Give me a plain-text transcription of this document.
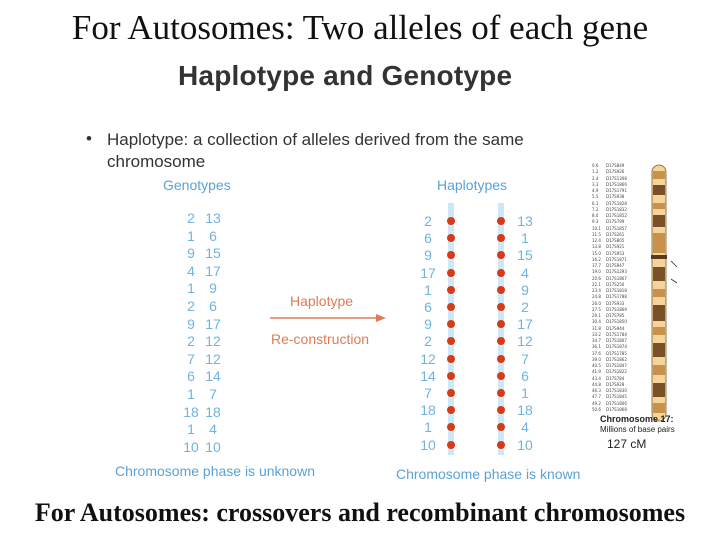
For Autosomes: Two alleles of each gene
Haplotype and Genotype
• Haplotype: a collection of alleles derived from the same chromosome
Genotypes	Haplotypes
2 13
1	6
9 15
4 17
1	9
2	6
9 17
2 12
7 12
6 14
1	7
18 18
1	4
10 10
2
6
9
17
1
6
9
2
12
14
7
18
1
10
13
1
15
4
9
2
17
12
7
6
1
18
4
10
Haplotype
Re-construction
Chromosome phase is unknown	Chromosome phase is known
0.6 D17S849
1.2 D17S926
2.4 D17S1308
3.3 D17S1866
4.9 D17S1791
5.5 D17S938
6.1 D17S1828
7.2 D17S1832
8.0 D17S1852
9.3 D17S799
10.1 D17S1857
11.5 D17S261
12.4 D17S805
13.8 D17S921
15.0 D17S953
16.2 D17S1871
17.7 D17S947
19.0 D17S1293
20.6 D17S1867
22.1 D17S250
23.4 D17S1818
24.8 D17S1788
26.0 D17S933
27.5 D17S1869
29.1 D17S785
30.4 D17S1850
31.8 D17S944
33.2 D17S1784
34.7 D17S1807
36.1 D17S1874
37.6 D17S1785
39.0 D17S1862
40.5 D17S1847
41.9 D17S1822
43.4 D17S784
44.8 D17S928
46.3 D17S1830
47.7 D17S1845
49.2 D17S1806
50.6 D17S1868
Chromosome 17:
Millions of base pairs
127 cM
For Autosomes: crossovers and recombinant chromosomes
